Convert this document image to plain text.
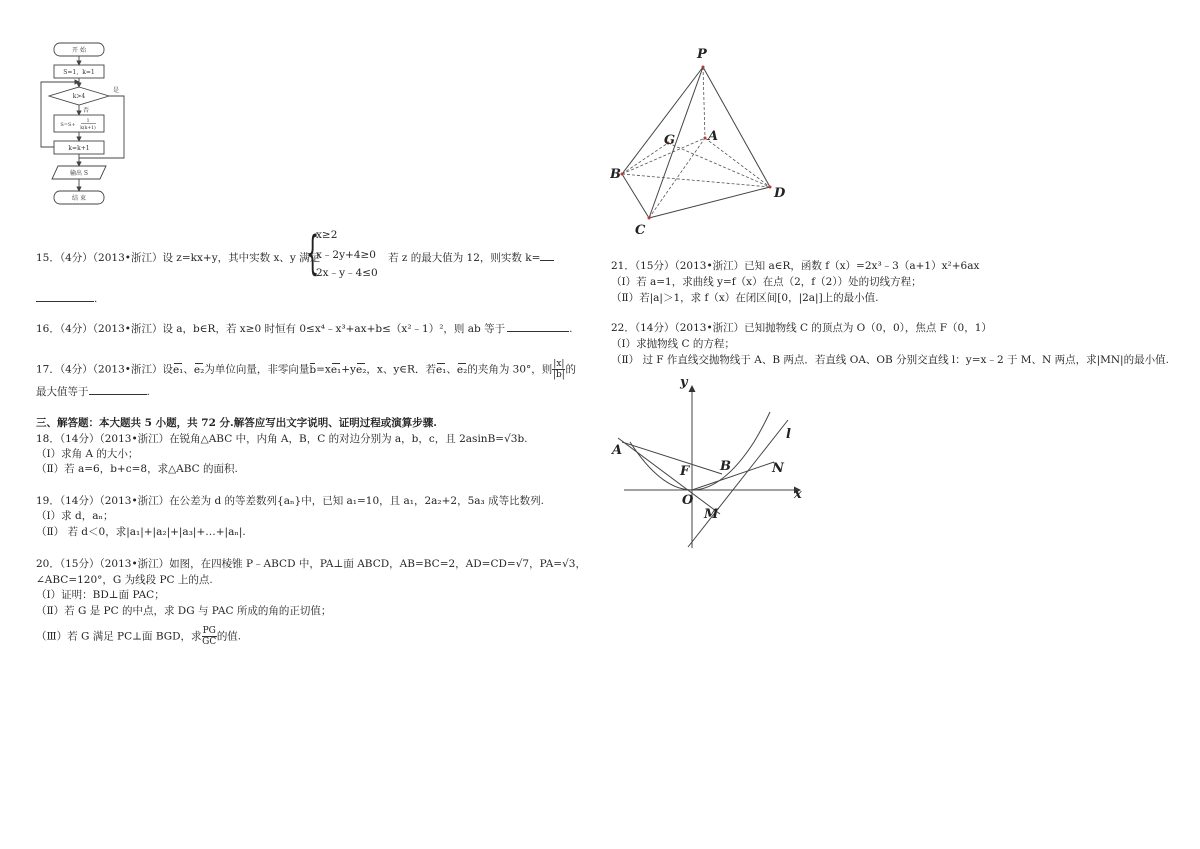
开 始
S=1，k=1
k>4
是
否
S=S+
1
k(k+1)
k=k+1
输出 S
结 束
15．（4分）（2013•浙江）设 z=kx+y，其中实数 x、y 满足
{
x≥2
x﹣2y+4≥0
2x﹣y﹣4≤0
若 z 的最大值为 12，则实数 k=
.
16．（4分）（2013•浙江）设 a，b∈R，若 x≥0 时恒有 0≤x⁴﹣x³+ax+b≤（x²﹣1）²，则 ab 等于	.
17．（4分）（2013•浙江）设e₁、e₂为单位向量，非零向量b=xe₁+ye₂，x、y∈R．若e₁、e₂的夹角为 30°，则 $\frac{|x|}{|b|}$ 的
最大值等于	.
三、解答题：本大题共 5 小题，共 72 分.解答应写出文字说明、证明过程或演算步骤.
18．（14分）（2013•浙江）在锐角△ABC 中，内角 A，B，C 的对边分别为 a，b，c，且 2asinB=√3b.
（Ⅰ）求角 A 的大小；
（Ⅱ）若 a=6，b+c=8，求△ABC 的面积.
19．（14分）（2013•浙江）在公差为 d 的等差数列{aₙ}中，已知 a₁=10，且 a₁，2a₂+2，5a₃ 成等比数列.
（Ⅰ）求 d，aₙ；
（Ⅱ） 若 d＜0，求|a₁|+|a₂|+|a₃|+…+|aₙ|.
20．（15分）（2013•浙江）如图，在四棱锥 P﹣ABCD 中，PA⊥面 ABCD，AB=BC=2，AD=CD=√7，PA=√3，
∠ABC=120°，G 为线段 PC 上的点.
（Ⅰ）证明：BD⊥面 PAC；
（Ⅱ）若 G 是 PC 的中点，求 DG 与 PAC 所成的角的正切值；
（Ⅲ）若 G 满足 PC⊥面 BGD，求 $\frac{PG}{GC}$ 的值.
P
A
G
B
C
D
21．（15分）（2013•浙江）已知 a∈R，函数 f（x）=2x³﹣3（a+1）x²+6ax
（Ⅰ）若 a=1，求曲线 y=f（x）在点（2，f（2））处的切线方程；
（Ⅱ）若|a|＞1，求 f（x）在闭区间[0，|2a|]上的最小值.
22．（14分）（2013•浙江）已知抛物线 C 的顶点为 O（0，0），焦点 F（0，1）
（Ⅰ）求抛物线 C 的方程；
（Ⅱ） 过 F 作直线交抛物线于 A、B 两点．若直线 OA、OB 分别交直线 l：y=x﹣2 于 M、N 两点，求|MN|的最小值.
y
x
l
A
F B	N
O
M
